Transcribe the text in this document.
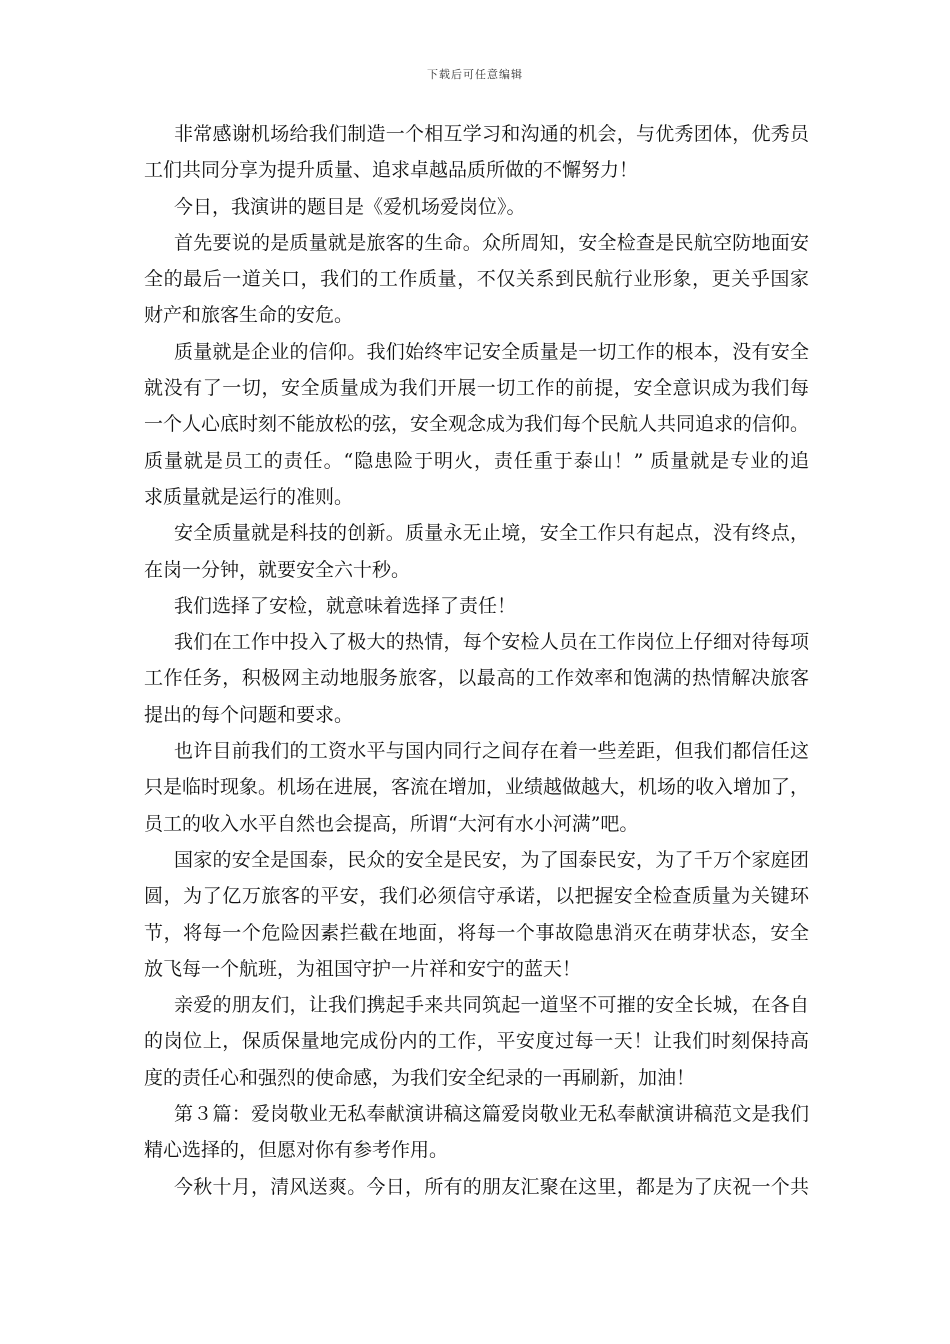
下载后可任意编辑
非常感谢机场给我们制造一个相互学习和沟通的机会，与优秀团体，优秀员
工们共同分享为提升质量、追求卓越品质所做的不懈努力！
今日，我演讲的题目是《爱机场爱岗位》。
首先要说的是质量就是旅客的生命。众所周知，安全检查是民航空防地面安
全的最后一道关口，我们的工作质量，不仅关系到民航行业形象，更关乎国家
财产和旅客生命的安危。
质量就是企业的信仰。我们始终牢记安全质量是一切工作的根本，没有安全
就没有了一切，安全质量成为我们开展一切工作的前提，安全意识成为我们每
一个人心底时刻不能放松的弦，安全观念成为我们每个民航人共同追求的信仰。
质量就是员工的责任。“隐患险于明火，责任重于泰山！” 质量就是专业的追
求质量就是运行的准则。
安全质量就是科技的创新。质量永无止境，安全工作只有起点，没有终点，
在岗一分钟，就要安全六十秒。
我们选择了安检，就意味着选择了责任！
我们在工作中投入了极大的热情，每个安检人员在工作岗位上仔细对待每项
工作任务，积极网主动地服务旅客，以最高的工作效率和饱满的热情解决旅客
提出的每个问题和要求。
也许目前我们的工资水平与国内同行之间存在着一些差距，但我们都信任这
只是临时现象。机场在进展，客流在增加，业绩越做越大，机场的收入增加了，
员工的收入水平自然也会提高，所谓“大河有水小河满”吧。
国家的安全是国泰，民众的安全是民安，为了国泰民安，为了千万个家庭团
圆，为了亿万旅客的平安，我们必须信守承诺，以把握安全检查质量为关键环
节，将每一个危险因素拦截在地面，将每一个事故隐患消灭在萌芽状态，安全
放飞每一个航班，为祖国守护一片祥和安宁的蓝天！
亲爱的朋友们，让我们携起手来共同筑起一道坚不可摧的安全长城，在各自
的岗位上，保质保量地完成份内的工作，平安度过每一天！让我们时刻保持高
度的责任心和强烈的使命感，为我们安全纪录的一再刷新，加油！
第３篇：爱岗敬业无私奉献演讲稿这篇爱岗敬业无私奉献演讲稿范文是我们
精心选择的，但愿对你有参考作用。
今秋十月，清风送爽。今日，所有的朋友汇聚在这里，都是为了庆祝一个共
